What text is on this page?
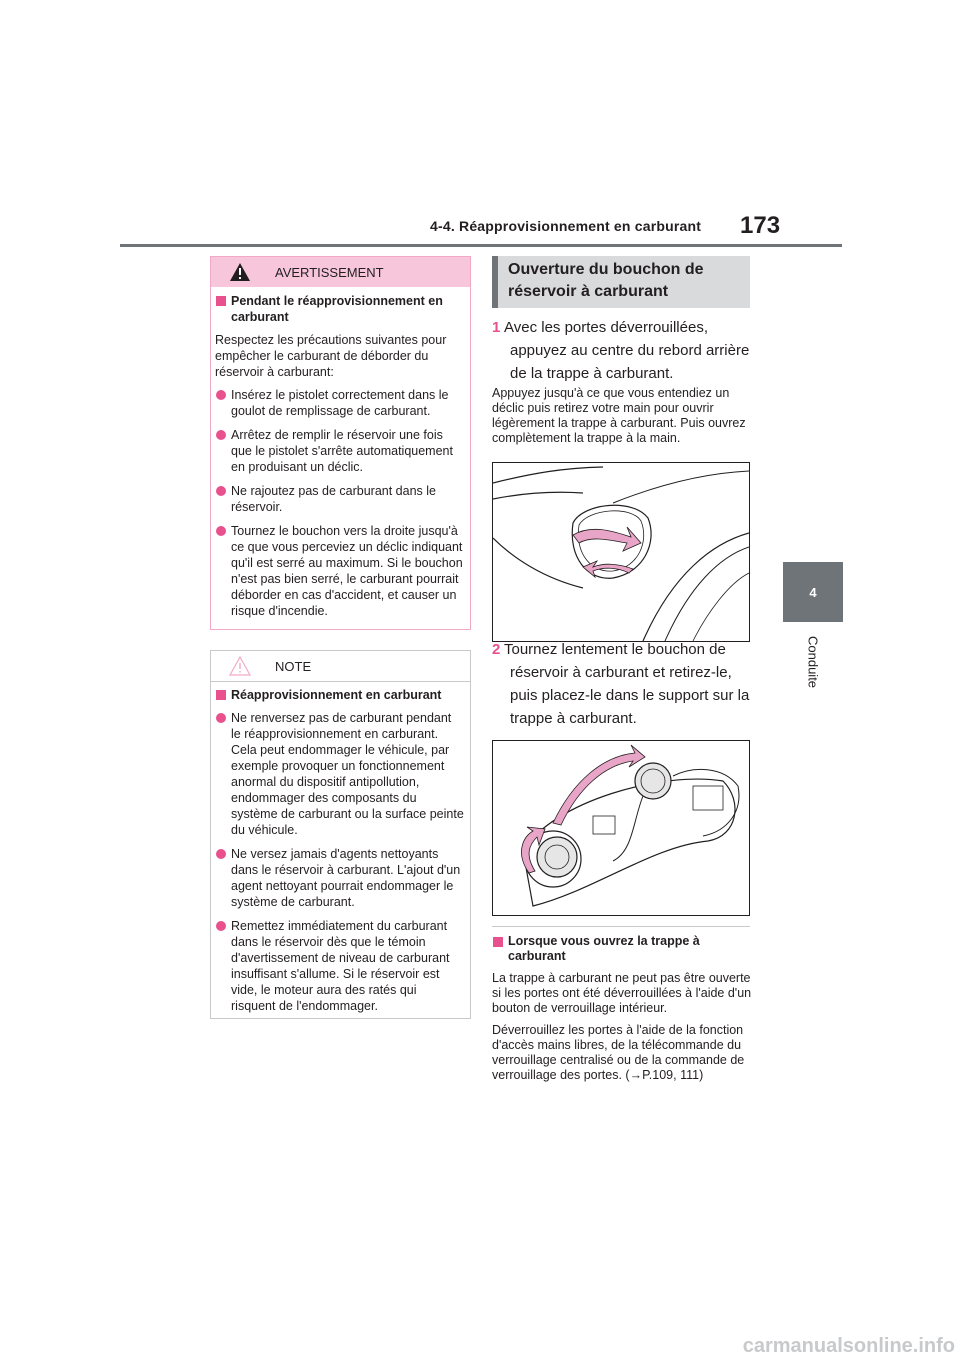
4-4. Réapprovisionnement en carburant 173
4
Conduite
AVERTISSEMENT
Pendant le réapprovisionnement en carburant
Respectez les précautions suivantes pour empêcher le carburant de déborder du réservoir à carburant:
Insérez le pistolet correctement dans le goulot de remplissage de carburant.
Arrêtez de remplir le réservoir une fois que le pistolet s'arrête automatiquement en produisant un déclic.
Ne rajoutez pas de carburant dans le réservoir.
Tournez le bouchon vers la droite jusqu'à ce que vous perceviez un déclic indiquant qu'il est serré au maximum. Si le bouchon n'est pas bien serré, le carburant pourrait déborder en cas d'accident, et causer un risque d'incendie.
NOTE
Réapprovisionnement en carburant
Ne renversez pas de carburant pendant le réapprovisionnement en carburant. Cela peut endommager le véhicule, par exemple provoquer un fonctionnement anormal du dispositif antipollution, endommager des composants du système de carburant ou la surface peinte du véhicule.
Ne versez jamais d'agents nettoyants dans le réservoir à carburant. L'ajout d'un agent nettoyant pourrait endommager le système de carburant.
Remettez immédiatement du carburant dans le réservoir dès que le témoin d'avertissement de niveau de carburant insuffisant s'allume. Si le réservoir est vide, le moteur aura des ratés qui risquent de l'endommager.
Ouverture du bouchon de
réservoir à carburant
1 Avec les portes déverrouillées,
appuyez au centre du rebord arrière
de la trappe à carburant.
Appuyez jusqu'à ce que vous entendiez un déclic puis retirez votre main pour ouvrir légèrement la trappe à carburant. Puis ouvrez complètement la trappe à la main.
2 Tournez lentement le bouchon de
réservoir à carburant et retirez-le,
puis placez-le dans le support sur la
trappe à carburant.
Lorsque vous ouvrez la trappe à carburant
La trappe à carburant ne peut pas être ouverte si les portes ont été déverrouillées à l'aide d'un bouton de verrouillage intérieur.
Déverrouillez les portes à l'aide de la fonction d'accès mains libres, de la télécommande du verrouillage centralisé ou de la commande de verrouillage des portes. (→P.109, 111)
carmanualsonline.info
